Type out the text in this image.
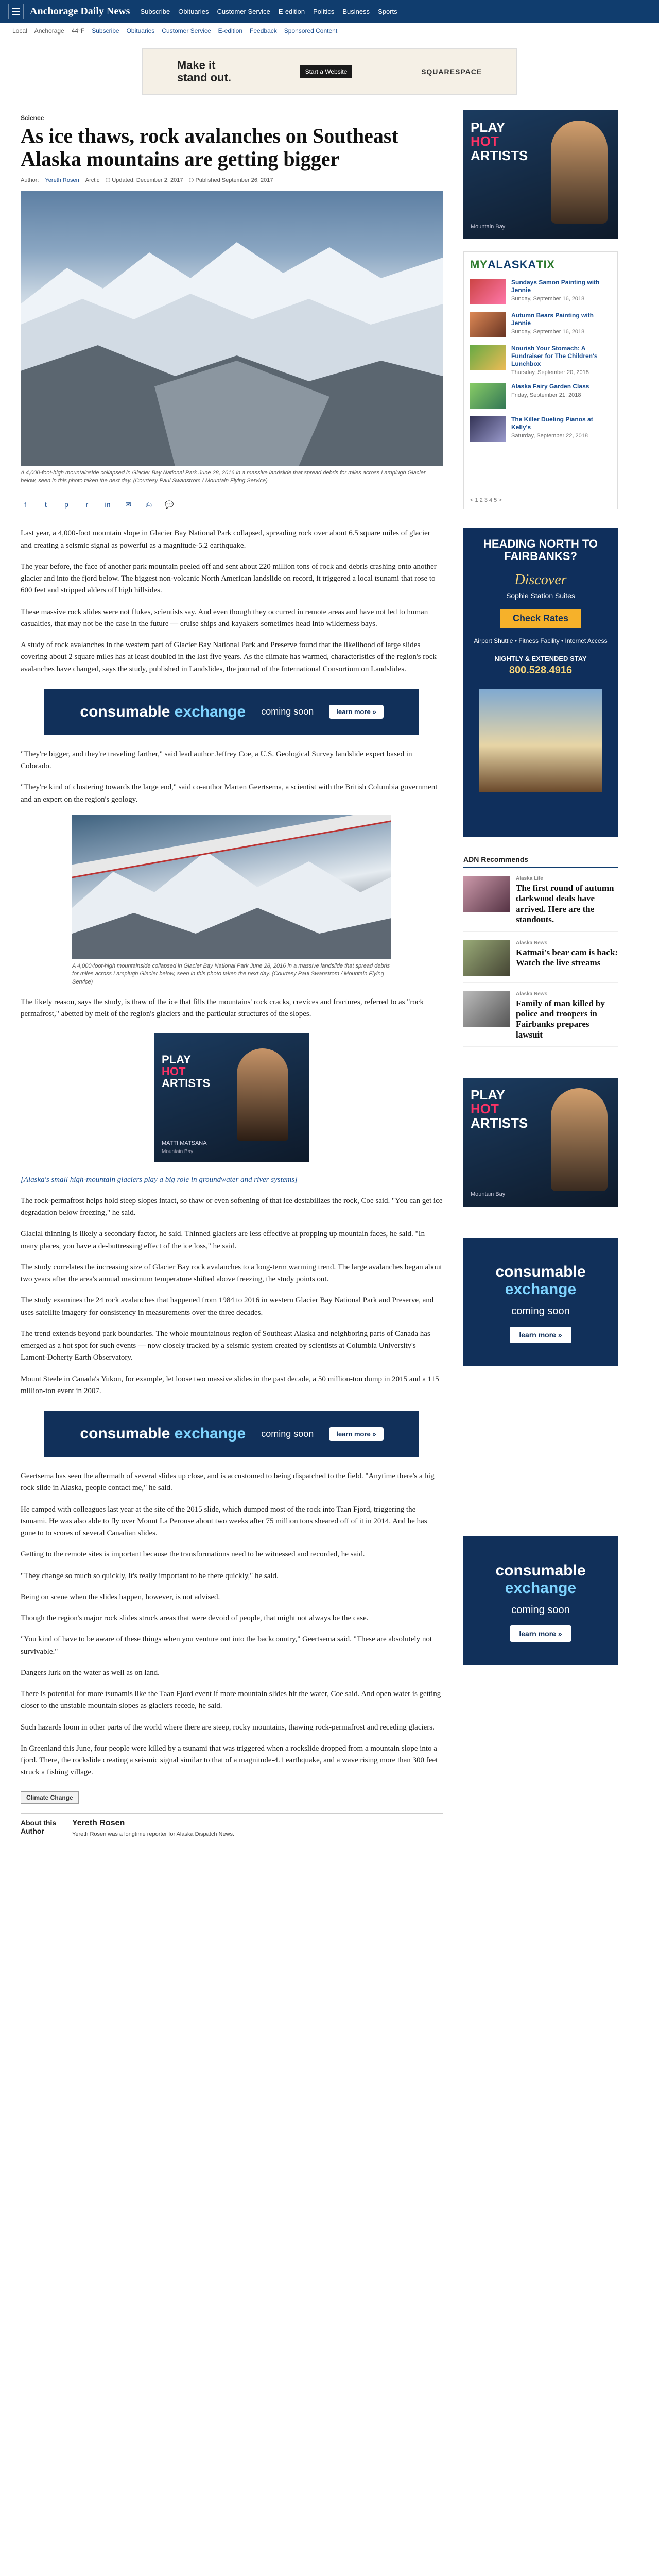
Anchorage Daily News Subscribe Obituaries Customer Service E-edition Politics Business Sports
Local Anchorage 44°F Subscribe Obituaries Customer Service E-edition Feedback Sponsored Content
Make it
stand out.	Start a Website	SQUARESPACE
Science
As ice thaws, rock avalanches on Southeast Alaska mountains are getting bigger
Author: Yereth Rosen Arctic	Updated: December 2, 2017	Published September 26, 2017
A 4,000-foot-high mountainside collapsed in Glacier Bay National Park June 28, 2016 in a massive landslide that spread debris for miles across Lamplugh Glacier below, seen in this photo taken the next day. (Courtesy Paul Swanstrom / Mountain Flying Service)
f	t	p	r	in ✉ ⎙ 💬

Last year, a 4,000-foot mountain slope in Glacier Bay National Park collapsed, spreading rock over about 6.5 square miles of glacier and creating a seismic signal as powerful as a magnitude-5.2 earthquake.

The year before, the face of another park mountain peeled off and sent about 220 million tons of rock and debris crashing onto another glacier and into the fjord below. The biggest non-volcanic North American landslide on record, it triggered a local tsunami that rose to 600 feet and stripped alders off high hillsides.

These massive rock slides were not flukes, scientists say. And even though they occurred in remote areas and have not led to human casualties, that may not be the case in the future — cruise ships and kayakers sometimes head into wilderness bays.

A study of rock avalanches in the western part of Glacier Bay National Park and Preserve found that the likelihood of large slides covering about 2 square miles has at least doubled in the last five years. As the climate has warmed, characteristics of the region's rock avalanches have changed, says the study, published in Landslides, the journal of the International Consortium on Landslides.

consumable exchange coming soon	learn more »

"They're bigger, and they're traveling farther," said lead author Jeffrey Coe, a U.S. Geological Survey landslide expert based in Colorado.

"They're kind of clustering towards the large end," said co-author Marten Geertsema, a scientist with the British Columbia government and an expert on the region's geology.

A 4,000-foot-high mountainside collapsed in Glacier Bay National Park June 28, 2016 in a massive landslide that spread debris for miles across Lamplugh Glacier below, seen in this photo taken the next day. (Courtesy Paul Swanstrom / Mountain Flying Service)

The likely reason, says the study, is thaw of the ice that fills the mountains' rock cracks, crevices and fractures, referred to as "rock permafrost," abetted by melt of the region's glaciers and the particular structures of the slopes.

PLAY
HOT
ARTISTS
MATTI MATSANA
Mountain Bay

[Alaska's small high-mountain glaciers play a big role in groundwater and river systems]

The rock-permafrost helps hold steep slopes intact, so thaw or even softening of that ice destabilizes the rock, Coe said. "You can get ice degradation below freezing," he said.

Glacial thinning is likely a secondary factor, he said. Thinned glaciers are less effective at propping up mountain faces, he said. "In many places, you have a de-buttressing effect of the ice loss," he said.

The study correlates the increasing size of Glacier Bay rock avalanches to a long-term warming trend. The large avalanches began about two years after the area's annual maximum temperature shifted above freezing, the study points out.

The study examines the 24 rock avalanches that happened from 1984 to 2016 in western Glacier Bay National Park and Preserve, and uses satellite imagery for consistency in measurements over the three decades.

The trend extends beyond park boundaries. The whole mountainous region of Southeast Alaska and neighboring parts of Canada has emerged as a hot spot for such events — now closely tracked by a seismic system created by scientists at Columbia University's Lamont-Doherty Earth Observatory.

Mount Steele in Canada's Yukon, for example, let loose two massive slides in the past decade, a 50 million-ton dump in 2015 and a 115 million-ton event in 2007.

consumable exchange coming soon	learn more »

Geertsema has seen the aftermath of several slides up close, and is accustomed to being dispatched to the field. "Anytime there's a big rock slide in Alaska, people contact me," he said.

He camped with colleagues last year at the site of the 2015 slide, which dumped most of the rock into Taan Fjord, triggering the tsunami. He was also able to fly over Mount La Perouse about two weeks after 75 million tons sheared off of it in 2014. And he has gone to to scores of several Canadian slides.

Getting to the remote sites is important because the transformations need to be witnessed and recorded, he said.

"They change so much so quickly, it's really important to be there quickly," he said.

Being on scene when the slides happen, however, is not advised.

Though the region's major rock slides struck areas that were devoid of people, that might not always be the case.

"You kind of have to be aware of these things when you venture out into the backcountry," Geertsema said. "These are absolutely not survivable."

Dangers lurk on the water as well as on land.

There is potential for more tsunamis like the Taan Fjord event if more mountain slides hit the water, Coe said. And open water is getting closer to the unstable mountain slopes as glaciers recede, he said.

Such hazards loom in other parts of the world where there are steep, rocky mountains, thawing rock-permafrost and receding glaciers.

In Greenland this June, four people were killed by a tsunami that was triggered when a rockslide dropped from a mountain slope into a fjord. There, the rockslide creating a seismic signal similar to that of a magnitude-4.1 earthquake, and a wave rising more than 300 feet struck a fishing village.

Climate Change
About this Author
Yereth Rosen
Yereth Rosen was a longtime reporter for Alaska Dispatch News.
PLAY
HOT
ARTISTS
Mountain Bay
MYALASKATIX
Sundays Samon Painting with Jennie
Sunday, September 16, 2018
Autumn Bears Painting with Jennie
Sunday, September 16, 2018
Nourish Your Stomach: A Fundraiser for The Children's Lunchbox
Thursday, September 20, 2018
Alaska Fairy Garden Class
Friday, September 21, 2018
The Killer Dueling Pianos at Kelly's
Saturday, September 22, 2018
< 1 2 3 4 5 >
HEADING NORTH TO FAIRBANKS?
Discover
Sophie Station Suites
Check Rates
Airport Shuttle • Fitness Facility • Internet Access
NIGHTLY & EXTENDED STAY
800.528.4916
ADN Recommends
Alaska Life
The first round of autumn darkwood deals have arrived. Here are the standouts.
Alaska News
Katmai's bear cam is back: Watch the live streams
Alaska News
Family of man killed by police and troopers in Fairbanks prepares lawsuit
PLAY
HOT
ARTISTS
Mountain Bay
consumable
exchange
coming soon
learn more »
consumable
exchange
coming soon
learn more »
